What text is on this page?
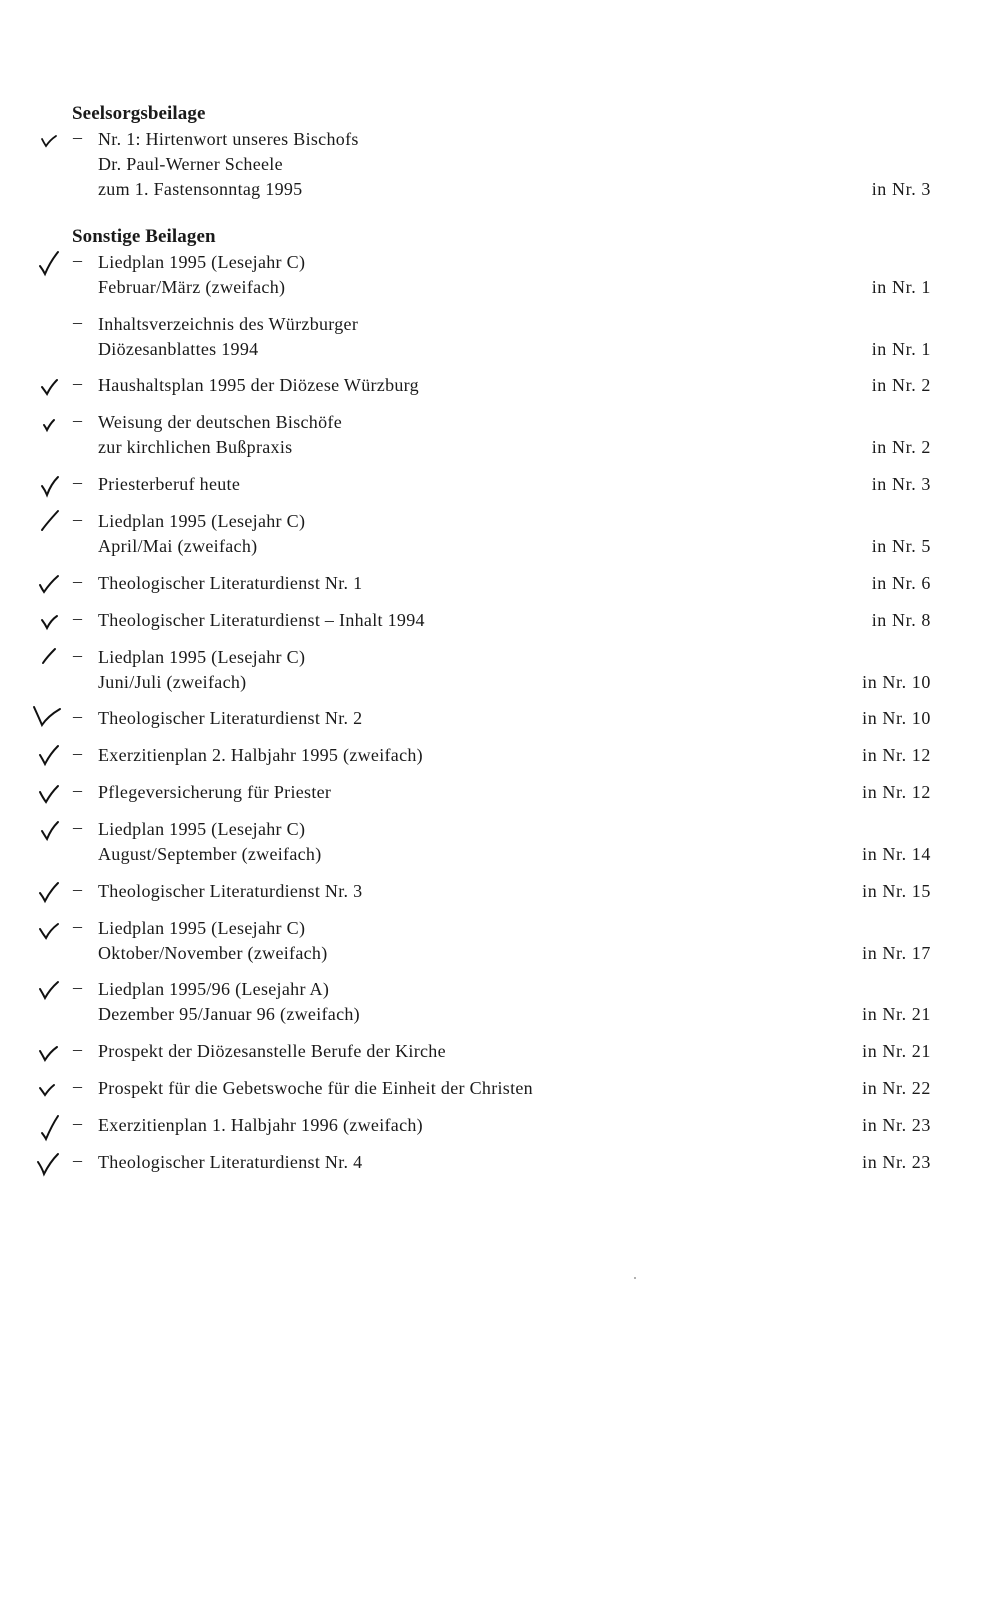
Seelsorgsbeilage
– Nr. 1: Hirtenwort unseres Bischofs
Dr. Paul-Werner Scheele
zum 1. Fastensonntag 1995	in Nr. 3
Sonstige Beilagen
– Liedplan 1995 (Lesejahr C)
Februar/März (zweifach)	in Nr. 1
– Inhaltsverzeichnis des Würzburger
Diözesanblattes 1994	in Nr. 1
– Haushaltsplan 1995 der Diözese Würzburg	in Nr. 2
– Weisung der deutschen Bischöfe
zur kirchlichen Bußpraxis	in Nr. 2
– Priesterberuf heute	in Nr. 3
– Liedplan 1995 (Lesejahr C)
April/Mai (zweifach)	in Nr. 5
– Theologischer Literaturdienst Nr. 1	in Nr. 6
– Theologischer Literaturdienst – Inhalt 1994	in Nr. 8
– Liedplan 1995 (Lesejahr C)
Juni/Juli (zweifach)	in Nr. 10
– Theologischer Literaturdienst Nr. 2	in Nr. 10
– Exerzitienplan 2. Halbjahr 1995 (zweifach)	in Nr. 12
– Pflegeversicherung für Priester	in Nr. 12
– Liedplan 1995 (Lesejahr C)
August/September (zweifach)	in Nr. 14
– Theologischer Literaturdienst Nr. 3	in Nr. 15
– Liedplan 1995 (Lesejahr C)
Oktober/November (zweifach)	in Nr. 17
– Liedplan 1995/96 (Lesejahr A)
Dezember 95/Januar 96 (zweifach)	in Nr. 21
– Prospekt der Diözesanstelle Berufe der Kirche	in Nr. 21
– Prospekt für die Gebetswoche für die Einheit der Christen	in Nr. 22
– Exerzitienplan 1. Halbjahr 1996 (zweifach)	in Nr. 23
– Theologischer Literaturdienst Nr. 4	in Nr. 23
